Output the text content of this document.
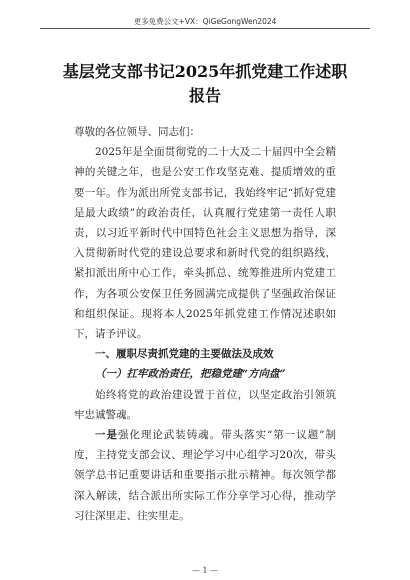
更多免费公文+VX：QiGeGongWen2024
基层党支部书记2025年抓党建工作述职
报告

尊敬的各位领导、同志们：

2025年是全面贯彻党的二十大及二十届四中全会精神的关键之年，也是公安工作攻坚克难、提质增效的重要一年。作为派出所党支部书记，我始终牢记“抓好党建是最大政绩”的政治责任，认真履行党建第一责任人职责，以习近平新时代中国特色社会主义思想为指导，深入贯彻新时代党的建设总要求和新时代党的组织路线，紧扣派出所中心工作，牵头抓总、统筹推进所内党建工作，为各项公安保卫任务圆满完成提供了坚强政治保证和组织保证。现将本人2025年抓党建工作情况述职如下，请予评议。

一、履职尽责抓党建的主要做法及成效

（一）扛牢政治责任，把稳党建“方向盘”

始终将党的政治建设置于首位，以坚定政治引领筑牢忠诚警魂。

一是强化理论武装铸魂。带头落实“第一议题”制度，主持党支部会议、理论学习中心组学习20次，带头领学总书记重要讲话和重要指示批示精神。每次领学都深入解读，结合派出所实际工作分享学习心得，推动学习往深里走、往实里走。

— 1 —
